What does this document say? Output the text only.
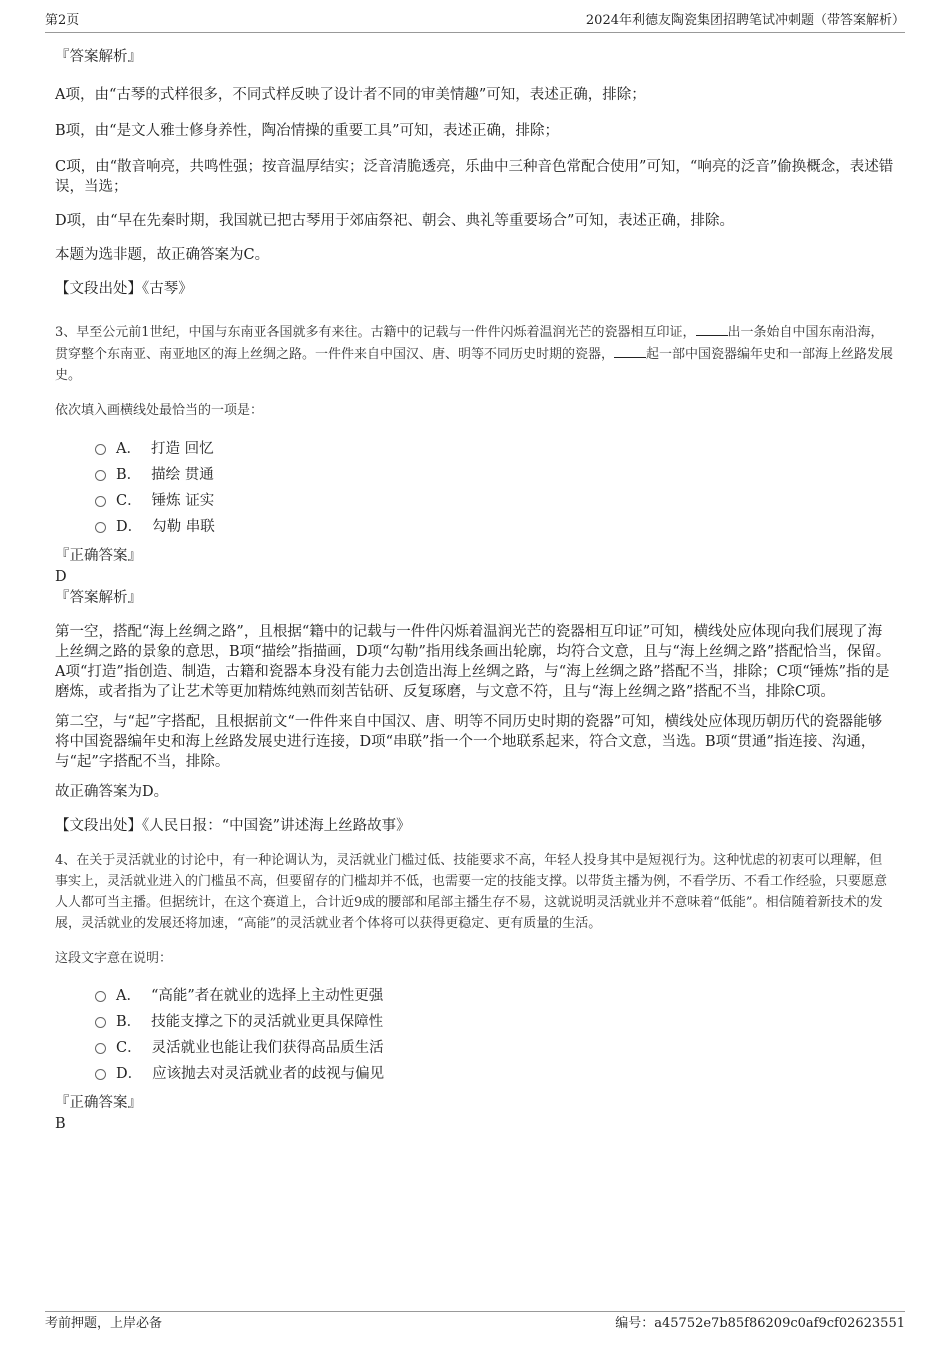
第2页	2024年利德友陶瓷集团招聘笔试冲刺题（带答案解析）

『答案解析』

A项，由“古琴的式样很多，不同式样反映了设计者不同的审美情趣”可知，表述正确，排除；

B项，由“是文人雅士修身养性，陶冶情操的重要工具”可知，表述正确，排除；

C项，由“散音响亮，共鸣性强；按音温厚结实；泛音清脆透亮，乐曲中三种音色常配合使用”可知，“响亮的泛音”偷换概念，表述错误，当选；

D项，由“早在先秦时期，我国就已把古琴用于郊庙祭祀、朝会、典礼等重要场合”可知，表述正确，排除。

本题为选非题，故正确答案为C。

【文段出处】《古琴》

3、早至公元前1世纪，中国与东南亚各国就多有来往。古籍中的记载与一件件闪烁着温润光芒的瓷器相互印证， 出一条始自中国东南沿海，贯穿整个东南亚、南亚地区的海上丝绸之路。一件件来自中国汉、唐、明等不同历史时期的瓷器， 起一部中国瓷器编年史和一部海上丝路发展史。

依次填入画横线处最恰当的一项是：

A． 打造 回忆
B． 描绘 贯通
C． 锤炼 证实
D． 勾勒 串联

『正确答案』

D

『答案解析』

第一空，搭配“海上丝绸之路”，且根据“籍中的记载与一件件闪烁着温润光芒的瓷器相互印证”可知，横线处应体现向我们展现了海上丝绸之路的景象的意思，B项“描绘”指描画，D项“勾勒”指用线条画出轮廓，均符合文意，且与“海上丝绸之路”搭配恰当，保留。A项“打造”指创造、制造，古籍和瓷器本身没有能力去创造出海上丝绸之路，与“海上丝绸之路”搭配不当，排除；C项“锤炼”指的是磨炼，或者指为了让艺术等更加精炼纯熟而刻苦钻研、反复琢磨，与文意不符，且与“海上丝绸之路”搭配不当，排除C项。

第二空，与“起”字搭配，且根据前文“一件件来自中国汉、唐、明等不同历史时期的瓷器”可知，横线处应体现历朝历代的瓷器能够将中国瓷器编年史和海上丝路发展史进行连接，D项“串联”指一个一个地联系起来，符合文意，当选。B项“贯通”指连接、沟通，与“起”字搭配不当，排除。

故正确答案为D。

【文段出处】《人民日报：“中国瓷”讲述海上丝路故事》

4、在关于灵活就业的讨论中，有一种论调认为，灵活就业门槛过低、技能要求不高，年轻人投身其中是短视行为。这种忧虑的初衷可以理解，但事实上，灵活就业进入的门槛虽不高，但要留存的门槛却并不低，也需要一定的技能支撑。以带货主播为例，不看学历、不看工作经验，只要愿意人人都可当主播。但据统计，在这个赛道上，合计近9成的腰部和尾部主播生存不易，这就说明灵活就业并不意味着“低能”。相信随着新技术的发展，灵活就业的发展还将加速，“高能”的灵活就业者个体将可以获得更稳定、更有质量的生活。

这段文字意在说明：

A． “高能”者在就业的选择上主动性更强
B． 技能支撑之下的灵活就业更具保障性
C． 灵活就业也能让我们获得高品质生活
D． 应该抛去对灵活就业者的歧视与偏见

『正确答案』

B

考前押题，上岸必备	编号：a45752e7b85f86209c0af9cf02623551
